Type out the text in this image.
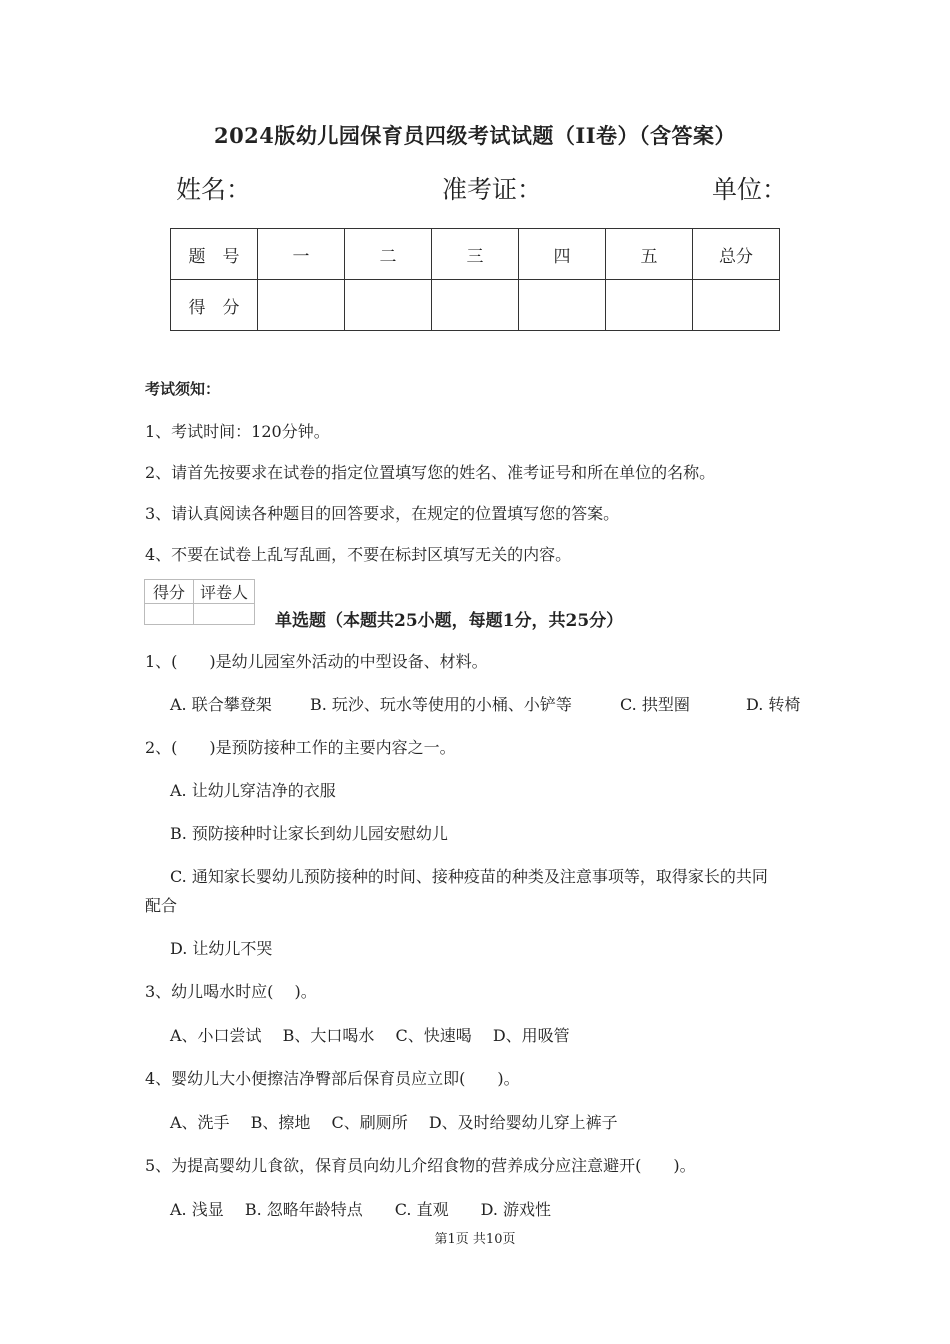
2024版幼儿园保育员四级考试试题（II卷）（含答案）
姓名：	准考证：	单位：
题　号	一	二	三	四	五	总分
得　分						
考试须知：
1、考试时间：120分钟。
2、请首先按要求在试卷的指定位置填写您的姓名、准考证号和所在单位的名称。
3、请认真阅读各种题目的回答要求，在规定的位置填写您的答案。
4、不要在试卷上乱写乱画，不要在标封区填写无关的内容。
得分	评卷人

单选题（本题共25小题，每题1分，共25分）
1、(　　)是幼儿园室外活动的中型设备、材料。
A. 联合攀登架 B. 玩沙、玩水等使用的小桶、小铲等	C. 拱型圈	D. 转椅
2、(　　)是预防接种工作的主要内容之一。
A. 让幼儿穿洁净的衣服
B. 预防接种时让家长到幼儿园安慰幼儿
C. 通知家长婴幼儿预防接种的时间、接种疫苗的种类及注意事项等，取得家长的共同
配合
D. 让幼儿不哭
3、幼儿喝水时应(　 )。
A、小口尝试　 B、大口喝水　 C、快速喝　 D、用吸管
4、婴幼儿大小便擦洁净臀部后保育员应立即(　　)。
A、洗手　 B、擦地　 C、刷厕所　 D、及时给婴幼儿穿上裤子
5、为提高婴幼儿食欲，保育员向幼儿介绍食物的营养成分应注意避开(　　)。
A. 浅显　 B. 忽略年龄特点　　C. 直观　　D. 游戏性
第1页 共10页
